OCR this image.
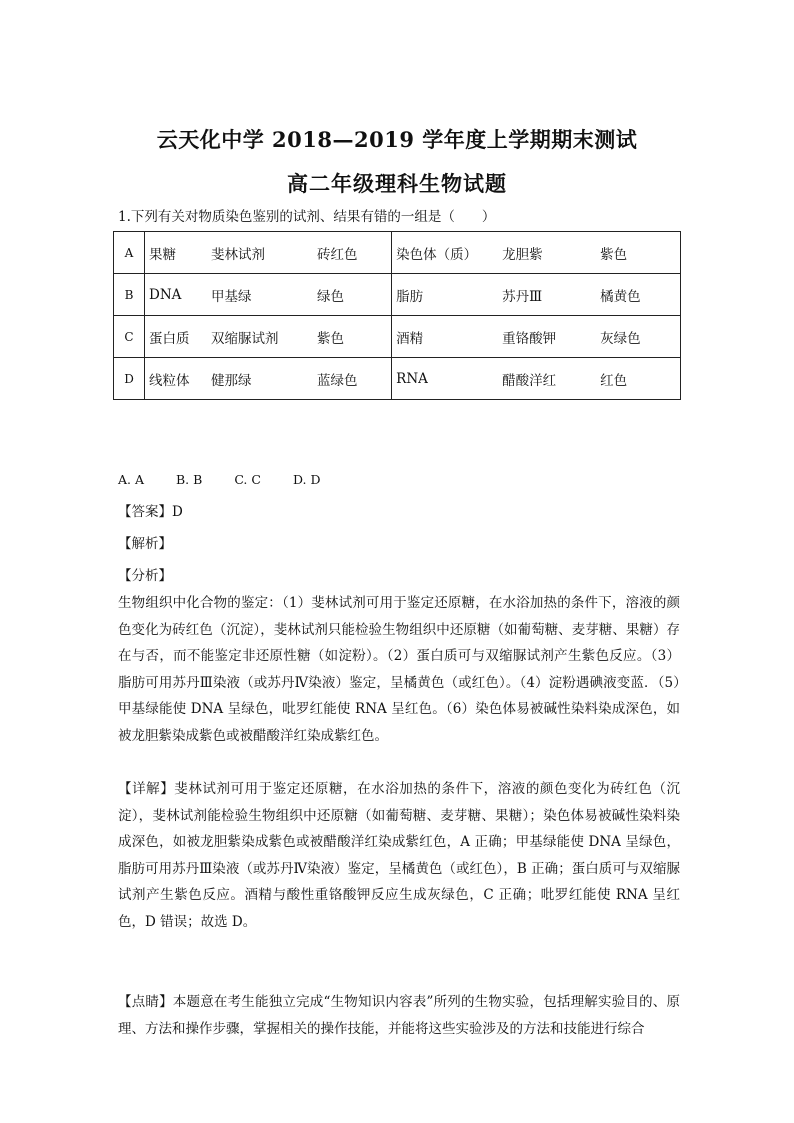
云天化中学 2018—2019 学年度上学期期末测试
高二年级理科生物试题
1.下列有关对物质染色鉴别的试剂、结果有错的一组是（　　）
A	果糖 斐林试剂 砖红色	染色体（质） 龙胆紫 紫色

B	DNA 甲基绿 绿色	脂肪 苏丹Ⅲ 橘黄色

C	蛋白质 双缩脲试剂 紫色	酒精 重铬酸钾 灰绿色

D	线粒体 健那绿 蓝绿色	RNA 醋酸洋红 红色
A. A	B. B	C. C	D. D
【答案】D
【解析】
【分析】
生物组织中化合物的鉴定：（1）斐林试剂可用于鉴定还原糖，在水浴加热的条件下，溶液的颜色变化为砖红色（沉淀），斐林试剂只能检验生物组织中还原糖（如葡萄糖、麦芽糖、果糖）存在与否，而不能鉴定非还原性糖（如淀粉）。（2）蛋白质可与双缩脲试剂产生紫色反应。（3）脂肪可用苏丹Ⅲ染液（或苏丹Ⅳ染液）鉴定，呈橘黄色（或红色）。（4）淀粉遇碘液变蓝．（5）甲基绿能使 DNA 呈绿色，吡罗红能使 RNA 呈红色。（6）染色体易被碱性染料染成深色，如被龙胆紫染成紫色或被醋酸洋红染成紫红色。
【详解】斐林试剂可用于鉴定还原糖，在水浴加热的条件下，溶液的颜色变化为砖红色（沉淀），斐林试剂能检验生物组织中还原糖（如葡萄糖、麦芽糖、果糖）；染色体易被碱性染料染成深色，如被龙胆紫染成紫色或被醋酸洋红染成紫红色，A 正确；甲基绿能使 DNA 呈绿色，脂肪可用苏丹Ⅲ染液（或苏丹Ⅳ染液）鉴定，呈橘黄色（或红色），B 正确；蛋白质可与双缩脲试剂产生紫色反应。酒精与酸性重铬酸钾反应生成灰绿色，C 正确；吡罗红能使 RNA 呈红色，D 错误；故选 D。
【点睛】本题意在考生能独立完成“生物知识内容表”所列的生物实验，包括理解实验目的、原理、方法和操作步骤，掌握相关的操作技能，并能将这些实验涉及的方法和技能进行综合
